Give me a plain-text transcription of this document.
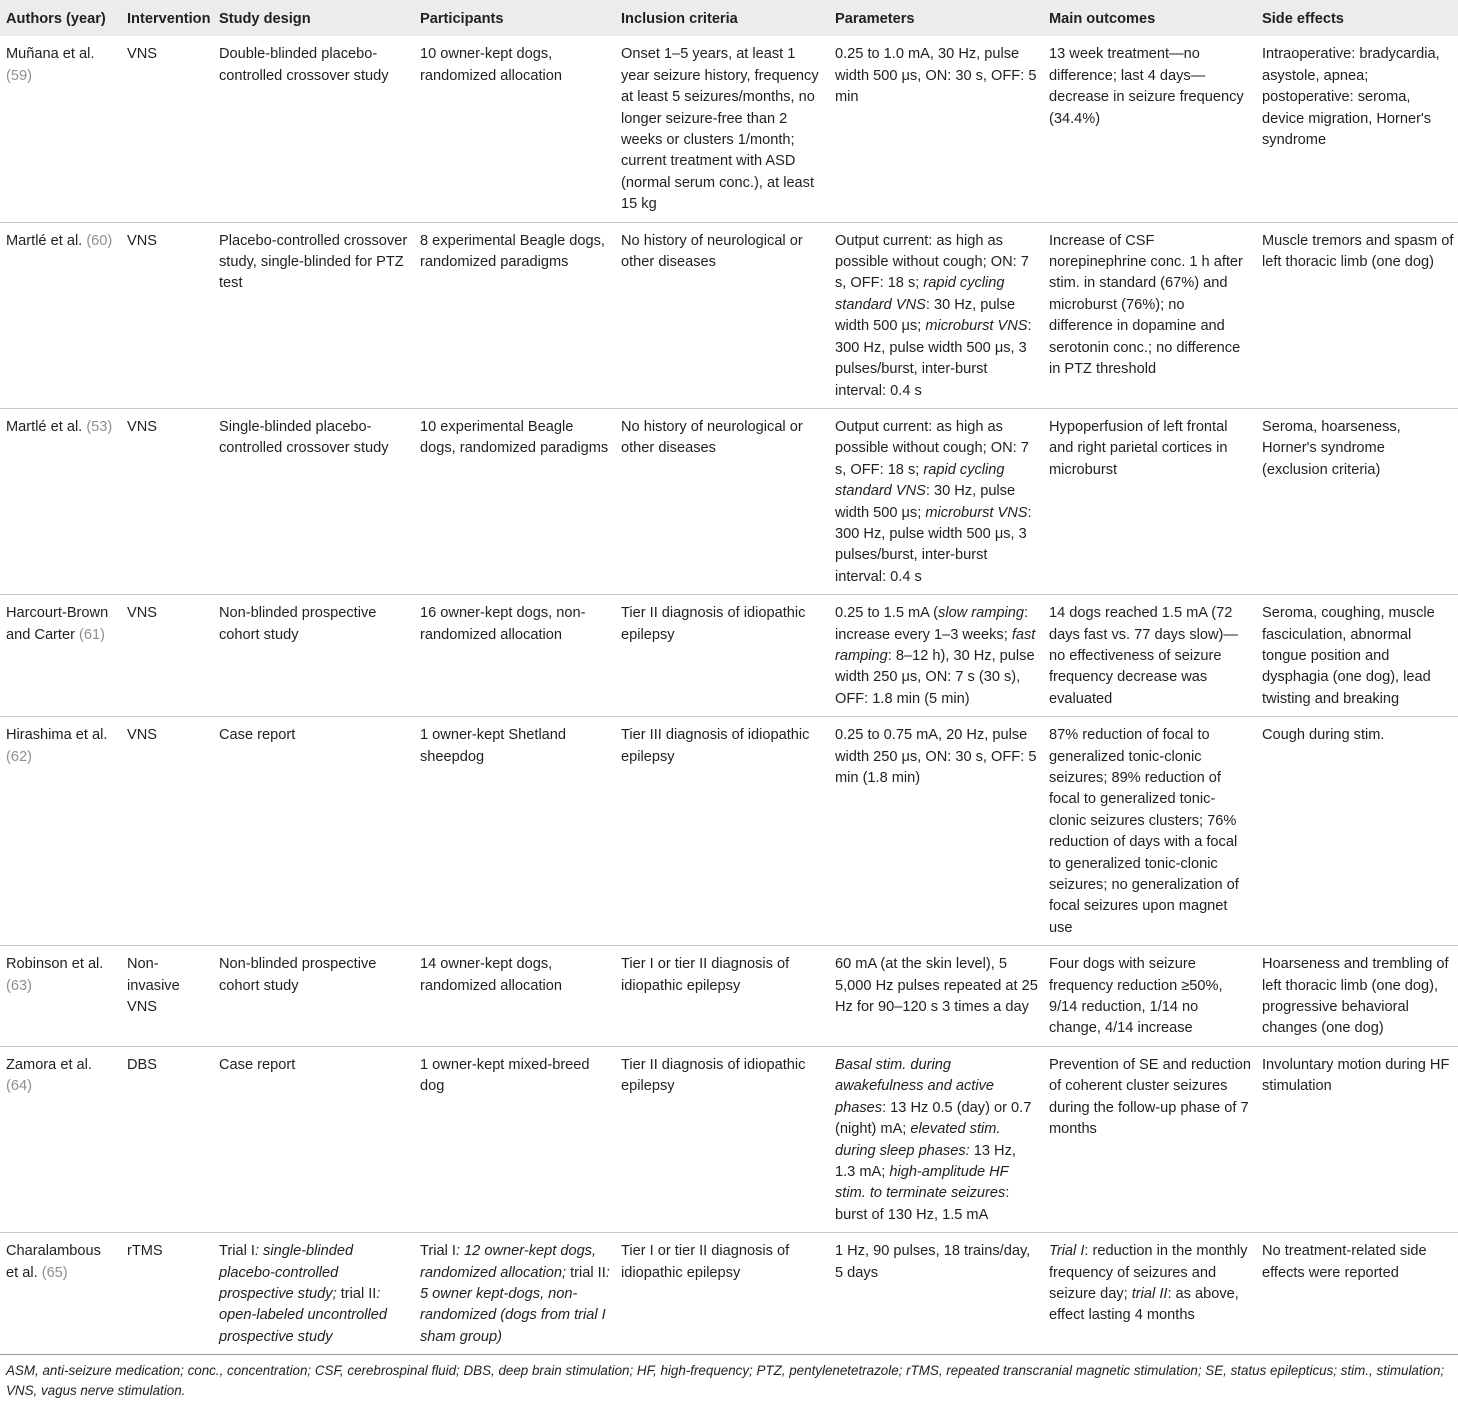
Authors (year)	Intervention	Study design	Participants	Inclusion criteria	Parameters	Main outcomes	Side effects
Muñana et al. (59)	VNS	Double-blinded placebo-controlled crossover study	10 owner-kept dogs, randomized allocation	Onset 1–5 years, at least 1 year seizure history, frequency at least 5 seizures/months, no longer seizure-free than 2 weeks or clusters 1/month; current treatment with ASD (normal serum conc.), at least 15 kg	0.25 to 1.0 mA, 30 Hz, pulse width 500 μs, ON: 30 s, OFF: 5 min	13 week treatment—no difference; last 4 days—decrease in seizure frequency (34.4%)	Intraoperative: bradycardia, asystole, apnea; postoperative: seroma, device migration, Horner's syndrome
Martlé et al. (60)	VNS	Placebo-controlled crossover study, single-blinded for PTZ test	8 experimental Beagle dogs, randomized paradigms	No history of neurological or other diseases	Output current: as high as possible without cough; ON: 7 s, OFF: 18 s; rapid cycling standard VNS: 30 Hz, pulse width 500 μs; microburst VNS: 300 Hz, pulse width 500 μs, 3 pulses/burst, inter-burst interval: 0.4 s	Increase of CSF norepinephrine conc. 1 h after stim. in standard (67%) and microburst (76%); no difference in dopamine and serotonin conc.; no difference in PTZ threshold	Muscle tremors and spasm of left thoracic limb (one dog)
Martlé et al. (53)	VNS	Single-blinded placebo-controlled crossover study	10 experimental Beagle dogs, randomized paradigms	No history of neurological or other diseases	Output current: as high as possible without cough; ON: 7 s, OFF: 18 s; rapid cycling standard VNS: 30 Hz, pulse width 500 μs; microburst VNS: 300 Hz, pulse width 500 μs, 3 pulses/burst, inter-burst interval: 0.4 s	Hypoperfusion of left frontal and right parietal cortices in microburst	Seroma, hoarseness, Horner's syndrome (exclusion criteria)
Harcourt-Brown and Carter (61)	VNS	Non-blinded prospective cohort study	16 owner-kept dogs, non-randomized allocation	Tier II diagnosis of idiopathic epilepsy	0.25 to 1.5 mA (slow ramping: increase every 1–3 weeks; fast ramping: 8–12 h), 30 Hz, pulse width 250 μs, ON: 7 s (30 s), OFF: 1.8 min (5 min)	14 dogs reached 1.5 mA (72 days fast vs. 77 days slow)—no effectiveness of seizure frequency decrease was evaluated	Seroma, coughing, muscle fasciculation, abnormal tongue position and dysphagia (one dog), lead twisting and breaking
Hirashima et al. (62)	VNS	Case report	1 owner-kept Shetland sheepdog	Tier III diagnosis of idiopathic epilepsy	0.25 to 0.75 mA, 20 Hz, pulse width 250 μs, ON: 30 s, OFF: 5 min (1.8 min)	87% reduction of focal to generalized tonic-clonic seizures; 89% reduction of focal to generalized tonic-clonic seizures clusters; 76% reduction of days with a focal to generalized tonic-clonic seizures; no generalization of focal seizures upon magnet use	Cough during stim.
Robinson et al. (63)	Non-invasive VNS	Non-blinded prospective cohort study	14 owner-kept dogs, randomized allocation	Tier I or tier II diagnosis of idiopathic epilepsy	60 mA (at the skin level), 5 5,000 Hz pulses repeated at 25 Hz for 90–120 s 3 times a day	Four dogs with seizure frequency reduction ≥50%, 9/14 reduction, 1/14 no change, 4/14 increase	Hoarseness and trembling of left thoracic limb (one dog), progressive behavioral changes (one dog)
Zamora et al. (64)	DBS	Case report	1 owner-kept mixed-breed dog	Tier II diagnosis of idiopathic epilepsy	Basal stim. during awakefulness and active phases: 13 Hz 0.5 (day) or 0.7 (night) mA; elevated stim. during sleep phases: 13 Hz, 1.3 mA; high-amplitude HF stim. to terminate seizures: burst of 130 Hz, 1.5 mA	Prevention of SE and reduction of coherent cluster seizures during the follow-up phase of 7 months	Involuntary motion during HF stimulation
Charalambous et al. (65)	rTMS	Trial I: single-blinded placebo-controlled prospective study; trial II: open-labeled uncontrolled prospective study	Trial I: 12 owner-kept dogs, randomized allocation; trial II: 5 owner kept-dogs, non-randomized (dogs from trial I sham group)	Tier I or tier II diagnosis of idiopathic epilepsy	1 Hz, 90 pulses, 18 trains/day, 5 days	Trial I: reduction in the monthly frequency of seizures and seizure day; trial II: as above, effect lasting 4 months	No treatment-related side effects were reported
ASM, anti-seizure medication; conc., concentration; CSF, cerebrospinal fluid; DBS, deep brain stimulation; HF, high-frequency; PTZ, pentylenetetrazole; rTMS, repeated transcranial magnetic stimulation; SE, status epilepticus; stim., stimulation; VNS, vagus nerve stimulation.
